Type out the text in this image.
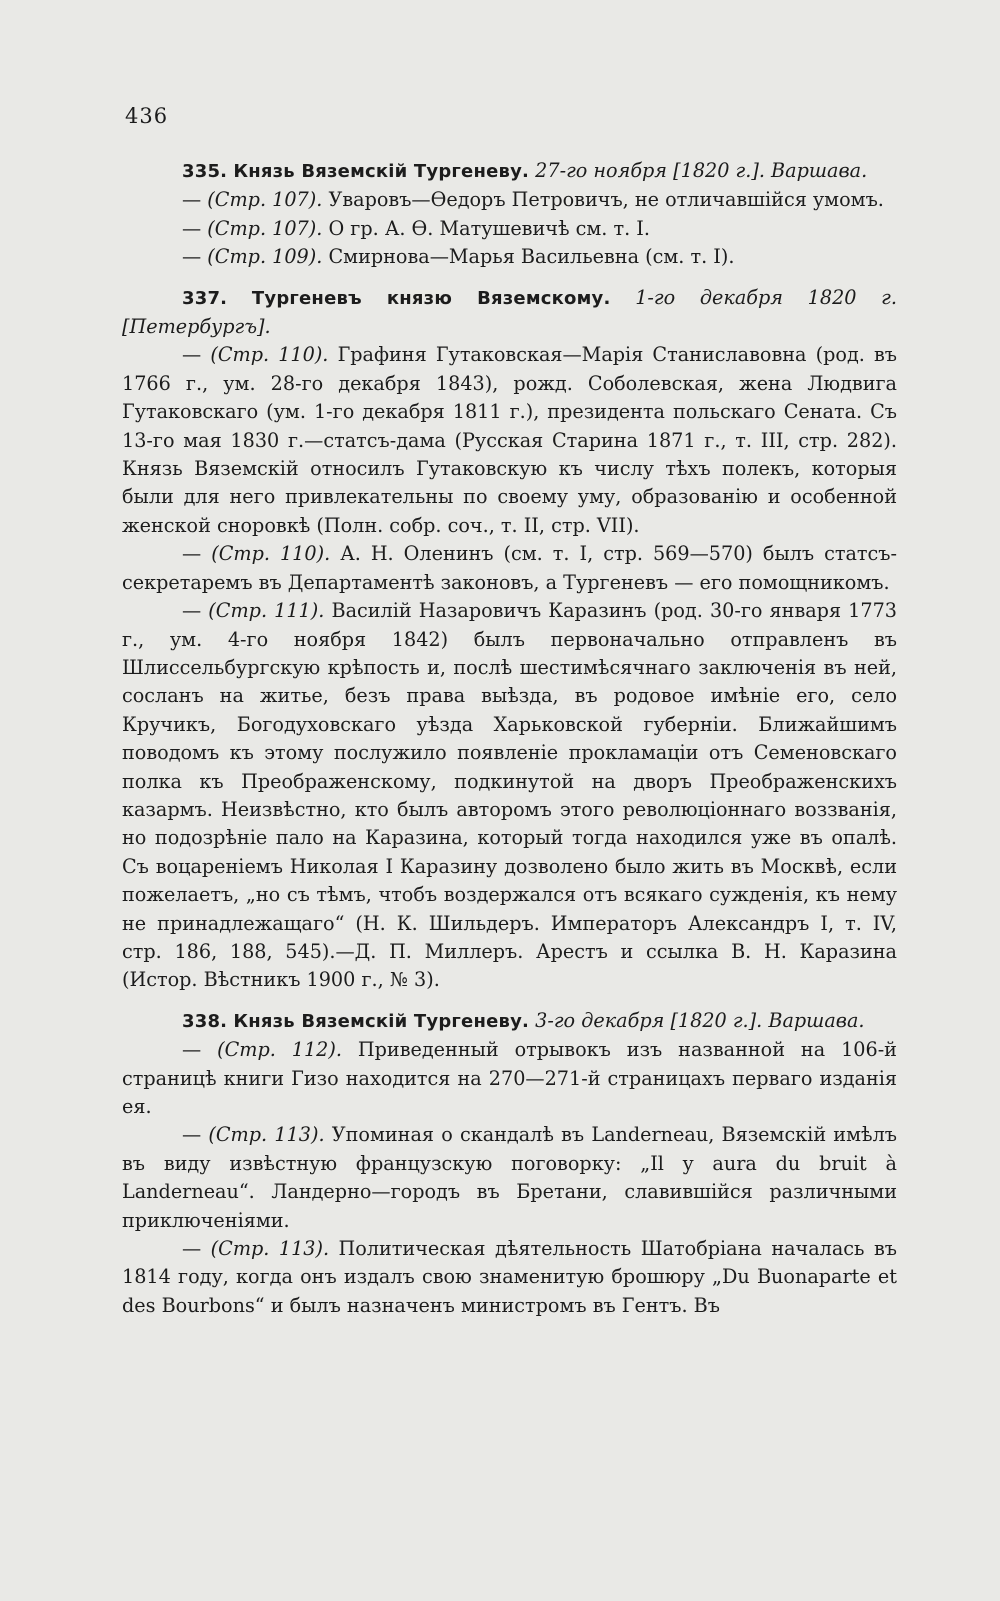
436

335. Князь Вяземскій Тургеневу. 27-го ноября [1820 г.]. Варшава.

— (Стр. 107). Уваровъ—Ѳедоръ Петровичъ, не отличавшійся умомъ.

— (Стр. 107). О гр. А. Ѳ. Матушевичѣ см. т. I.

— (Стр. 109). Смирнова—Марья Васильевна (см. т. I).

337. Тургеневъ князю Вяземскому. 1-го декабря 1820 г. [Петербургъ].

— (Стр. 110). Графиня Гутаковская—Марія Станиславовна (род. въ 1766 г., ум. 28-го декабря 1843), рожд. Соболевская, жена Людвига Гутаковскаго (ум. 1-го декабря 1811 г.), президента польскаго Сената. Съ 13-го мая 1830 г.—статсъ-дама (Русская Старина 1871 г., т. III, стр. 282). Князь Вяземскій относилъ Гутаковскую къ числу тѣхъ полекъ, которыя были для него привлекательны по своему уму, образованію и особенной женской сноровкѣ (Полн. собр. соч., т. II, стр. VII).

— (Стр. 110). А. Н. Оленинъ (см. т. I, стр. 569—570) былъ статсъ-секретаремъ въ Департаментѣ законовъ, а Тургеневъ — его помощникомъ.

— (Стр. 111). Василій Назаровичъ Каразинъ (род. 30-го января 1773 г., ум. 4-го ноября 1842) былъ первоначально отправленъ въ Шлиссельбургскую крѣпость и, послѣ шестимѣсячнаго заключенія въ ней, сосланъ на житье, безъ права выѣзда, въ родовое имѣніе его, село Кручикъ, Богодуховскаго уѣзда Харьковской губерніи. Ближайшимъ поводомъ къ этому послужило появленіе прокламаціи отъ Семеновскаго полка къ Преображенскому, подкинутой на дворъ Преображенскихъ казармъ. Неизвѣстно, кто былъ авторомъ этого революціоннаго воззванія, но подозрѣніе пало на Каразина, который тогда находился уже въ опалѣ. Съ воцареніемъ Николая I Каразину дозволено было жить въ Москвѣ, если пожелаетъ, „но съ тѣмъ, чтобъ воздержался отъ всякаго сужденія, къ нему не принадлежащаго“ (Н. К. Шильдеръ. Императоръ Александръ I, т. IV, стр. 186, 188, 545).—Д. П. Миллеръ. Арестъ и ссылка В. Н. Каразина (Истор. Вѣстникъ 1900 г., № 3).

338. Князь Вяземскій Тургеневу. 3-го декабря [1820 г.]. Варшава.

— (Стр. 112). Приведенный отрывокъ изъ названной на 106-й страницѣ книги Гизо находится на 270—271-й страницахъ перваго изданія ея.

— (Стр. 113). Упоминая о скандалѣ въ Landerneau, Вяземскій имѣлъ въ виду извѣстную французскую поговорку: „Il y aura du bruit à Landerneau“. Ландерно—городъ въ Бретани, славившійся различными приключеніями.

— (Стр. 113). Политическая дѣятельность Шатобріана началась въ 1814 году, когда онъ издалъ свою знаменитую брошюру „Du Buonaparte et des Bourbons“ и былъ назначенъ министромъ въ Гентъ. Въ
